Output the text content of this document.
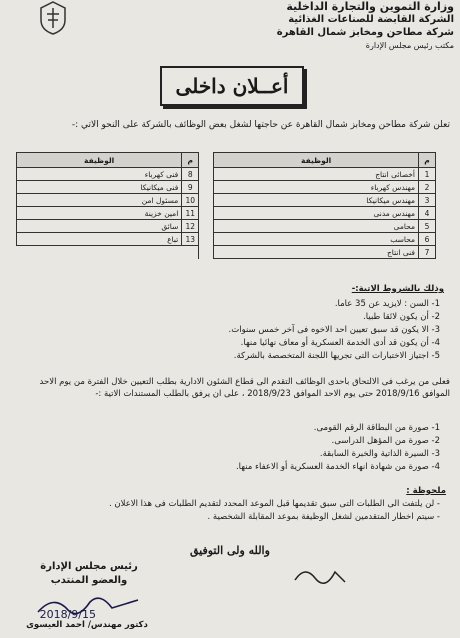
وزارة التموين والتجارة الداخلية
الشركة القابضة للصناعات الغذائية
شركة مطاحن ومخابز شمال القاهرة
مكتب رئيس مجلس الإدارة
أعــلان داخلى
تعلن شركة مطاحن ومخابز شمال القاهرة عن حاجتها لشغل بعض الوظائف بالشركة على النحو الاتي :-
م	الوظيفة		م	الوظيفة
1	أخصائى انتاج		8	فنى كهرباء
2	مهندس كهرباء		9	فنى ميكانيكا
3	مهندس ميكانيكا		10	مسئول امن
4	مهندس مدنى		11	امين خزينة
5	محامى		12	سائق
6	محاسب		13	تباع
7	فنى انتاج			
وذلك بالشروط الاتية:-
1- السن : لايزيد عن 35 عاما.
2- أن يكون لائقا طبيا.
3- الا يكون قد سبق تعيين احد الاخوه فى آخر خمس سنوات.
4- أن يكون قد أدى الخدمة العسكرية أو معاف نهائيا منها.
5- اجتياز الاختبارات التى تجريها اللجنة المتخصصة بالشركة.
فعلى من يرغب فى الالتحاق باحدى الوظائف التقدم الى قطاع الشئون الادارية بطلب التعيين خلال الفترة من يوم الاحد الموافق 2018/9/16 حتى يوم الاحد الموافق 2018/9/23 ، على ان يرفق بالطلب المستندات الاتية :-
1- صورة من البطاقة الرقم القومى.
2- صورة من المؤهل الدراسى.
3- السيرة الذاتية والخبرة السابقة.
4- صورة من شهادة انهاء الخدمة العسكرية أو الاعفاء منها.
ملحوظة :
- لن يلتفت الى الطلبات التى سبق تقديمها قبل الموعد المحدد لتقديم الطلبات فى هذا الاعلان .
- سيتم اخطار المتقدمين لشغل الوظيفة بموعد المقابلة الشخصية .
والله ولى التوفيق
رئيس مجلس الإدارة
والعضو المنتدب
2018/9/15
دكتور مهندس/ احمد العيسوى
